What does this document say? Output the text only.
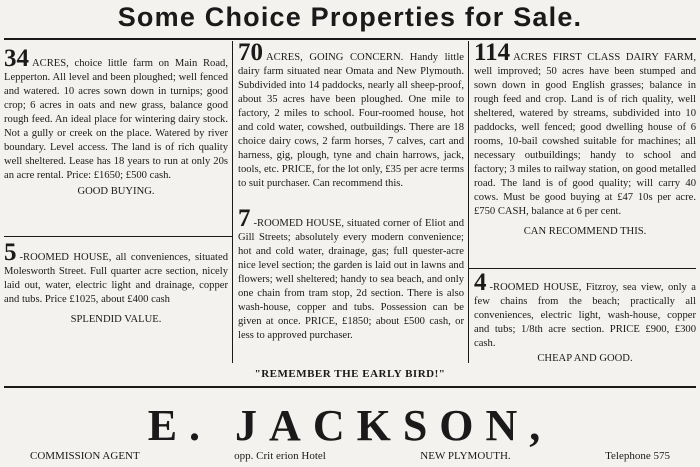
Some Choice Properties for Sale.

34 ACRES, choice little farm on Main Road, Lepperton. All level and been ploughed; well fenced and watered. 10 acres sown down in turnips; good crop; 6 acres in oats and new grass, balance good rough feed. An ideal place for wintering dairy stock. Not a gully or creek on the place. Watered by river boundary. Level access. The land is of rich quality well sheltered. Lease has 18 years to run at only 20s an acre rental. Price: £1650; £500 cash.

GOOD BUYING.

5 -ROOMED HOUSE, all conveniences, situated Molesworth Street. Full quarter acre section, nicely laid out, water, electric light and drainage, copper and tubs. Price £1025, about £400 cash

SPLENDID VALUE.

70 ACRES, GOING CONCERN. Handy little dairy farm situated near Omata and New Plymouth. Subdivided into 14 paddocks, nearly all sheep-proof, about 35 acres have been ploughed. One mile to factory, 2 miles to school. Four-roomed house, hot and cold water, cowshed, outbuildings. There are 18 choice dairy cows, 2 farm horses, 7 calves, cart and harness, gig, plough, tyne and chain harrows, jack, tools, etc. PRICE, for the lot only, £35 per acre terms to suit purchaser. Can recommend this.

7 -ROOMED HOUSE, situated corner of Eliot and Gill Streets; absolutely every modern convenience; hot and cold water, drainage, gas; full quester-acre nice level section; the garden is laid out in lawns and flowers; well sheltered; handy to sea beach, and only one chain from tram stop, 2d section. There is also wash-house, copper and tubs. Possession can be given at once. PRICE, £1850; about £500 cash, or less to approved purchaser.

114 ACRES FIRST CLASS DAIRY FARM, well improved; 50 acres have been stumped and sown down in good English grasses; balance in rough feed and crop. Land is of rich quality, well sheltered, watered by streams, subdivided into 10 paddocks, well fenced; good dwelling house of 6 rooms, 10-bail cowshed suitable for machines; all necessary outbuildings; handy to school and factory; 3 miles to railway station, on good metalled road. The land is of good quality; will carry 40 cows. Must be good buying at £47 10s per acre. £750 CASH, balance at 6 per cent.

CAN RECOMMEND THIS.

4 -ROOMED HOUSE, Fitzroy, sea view, only a few chains from the beach; practically all conveniences, electric light, wash-house, copper and tubs; 1/8th acre section. PRICE £900, £300 cash.

CHEAP AND GOOD.

"REMEMBER THE EARLY BIRD!"
E. JACKSON,
COMMISSION AGENT	opp. Crit erion Hotel	NEW PLYMOUTH.	Telephone 575
